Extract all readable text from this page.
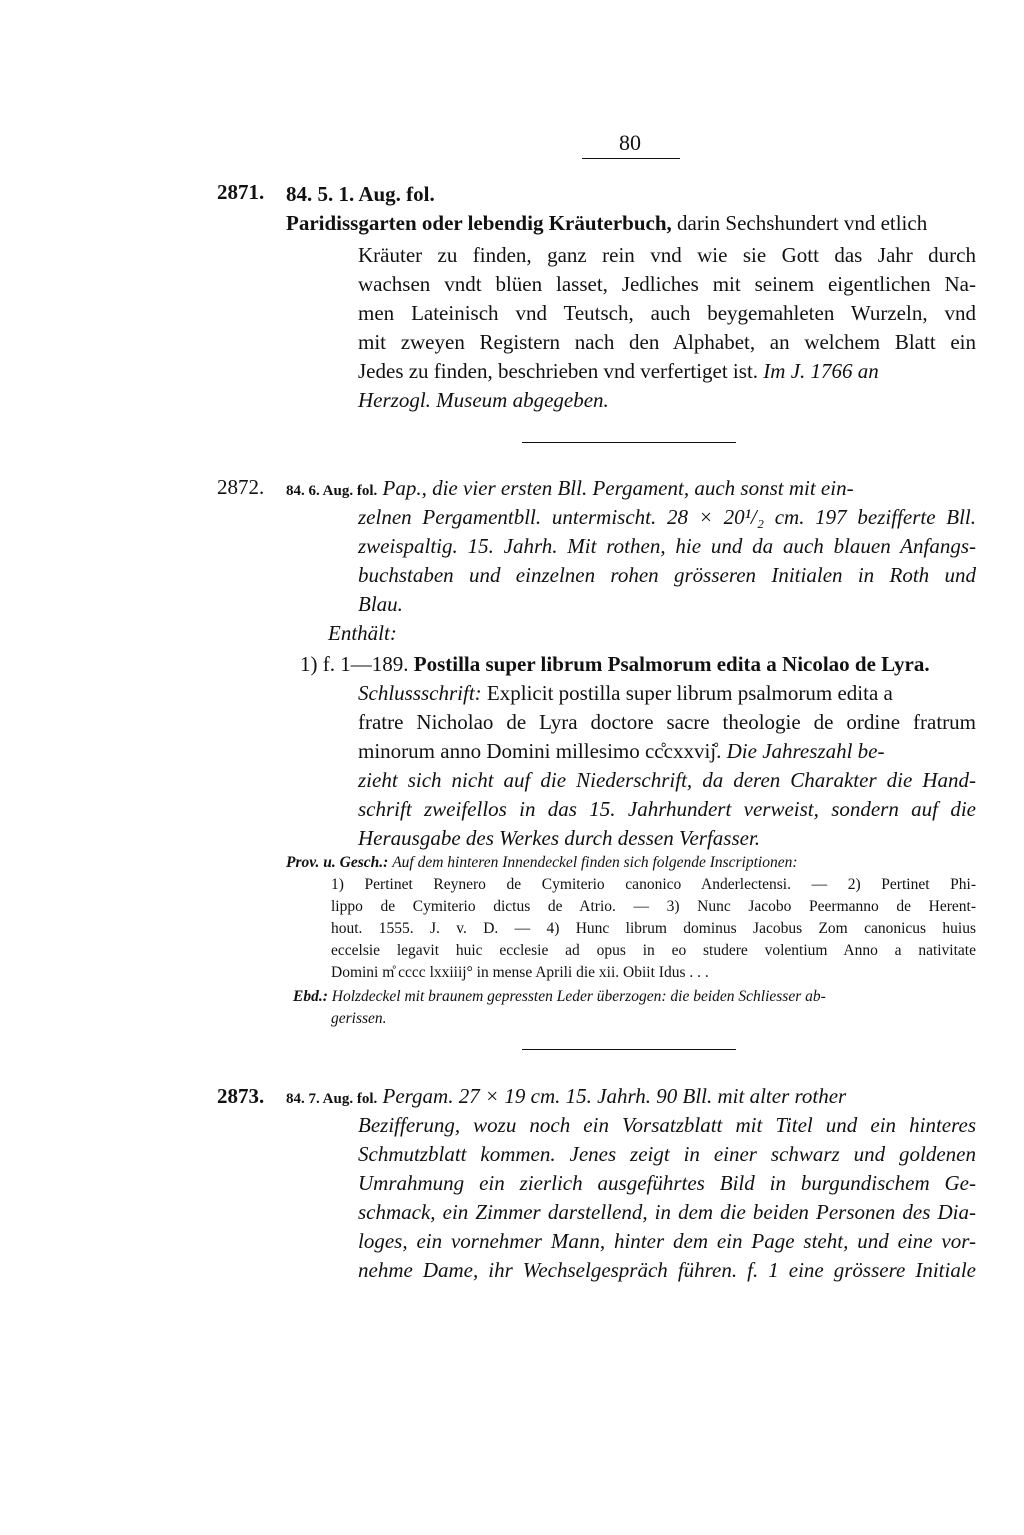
80
2871. 84. 5. 1. Aug. fol.
Paridissgarten oder lebendig Kräuterbuch, darin Sechshundert vnd etlich
Kräuter zu finden, ganz rein vnd wie sie Gott das Jahr durch
wachsen vndt blüen lasset, Jedliches mit seinem eigentlichen Na-
men Lateinisch vnd Teutsch, auch beygemahleten Wurzeln, vnd
mit zweyen Registern nach den Alphabet, an welchem Blatt ein
Jedes zu finden, beschrieben vnd verfertiget ist. Im J. 1766 an
Herzogl. Museum abgegeben.
2872. 84. 6. Aug. fol. Pap., die vier ersten Bll. Pergament, auch sonst mit ein-
zelnen Pergamentbll. untermischt. 28 × 20¹/₂ cm. 197 bezifferte Bll.
zweispaltig. 15. Jahrh. Mit rothen, hie und da auch blauen Anfangs-
buchstaben und einzelnen rohen grösseren Initialen in Roth und
Blau.
Enthält:
1) f. 1—189. Postilla super librum Psalmorum edita a Nicolao de Lyra.
Schlussschrift: Explicit postilla super librum psalmorum edita a
fratre Nicholao de Lyra doctore sacre theologie de ordine fratrum
minorum anno Domini millesimo cc̊cxxvij̊. Die Jahreszahl be-
zieht sich nicht auf die Niederschrift, da deren Charakter die Hand-
schrift zweifellos in das 15. Jahrhundert verweist, sondern auf die
Herausgabe des Werkes durch dessen Verfasser.
Prov. u. Gesch.: Auf dem hinteren Innendeckel finden sich folgende Inscriptionen:
1) Pertinet Reynero de Cymiterio canonico Anderlectensi. — 2) Pertinet Phi-
lippo de Cymiterio dictus de Atrio. — 3) Nunc Jacobo Peermanno de Herent-
hout. 1555. J. v. D. — 4) Hunc librum dominus Jacobus Zom canonicus huius
eccelsie legavit huic ecclesie ad opus in eo studere volentium Anno a nativitate
Domini m̊ cccc lxxiiij° in mense Aprili die xii. Obiit Idus . . .
Ebd.: Holzdeckel mit braunem gepressten Leder überzogen: die beiden Schliesser ab-
gerissen.
2873. 84. 7. Aug. fol. Pergam. 27 × 19 cm. 15. Jahrh. 90 Bll. mit alter rother
Bezifferung, wozu noch ein Vorsatzblatt mit Titel und ein hinteres
Schmutzblatt kommen. Jenes zeigt in einer schwarz und goldenen
Umrahmung ein zierlich ausgeführtes Bild in burgundischem Ge-
schmack, ein Zimmer darstellend, in dem die beiden Personen des Dia-
loges, ein vornehmer Mann, hinter dem ein Page steht, und eine vor-
nehme Dame, ihr Wechselgespräch führen. f. 1 eine grössere Initiale
